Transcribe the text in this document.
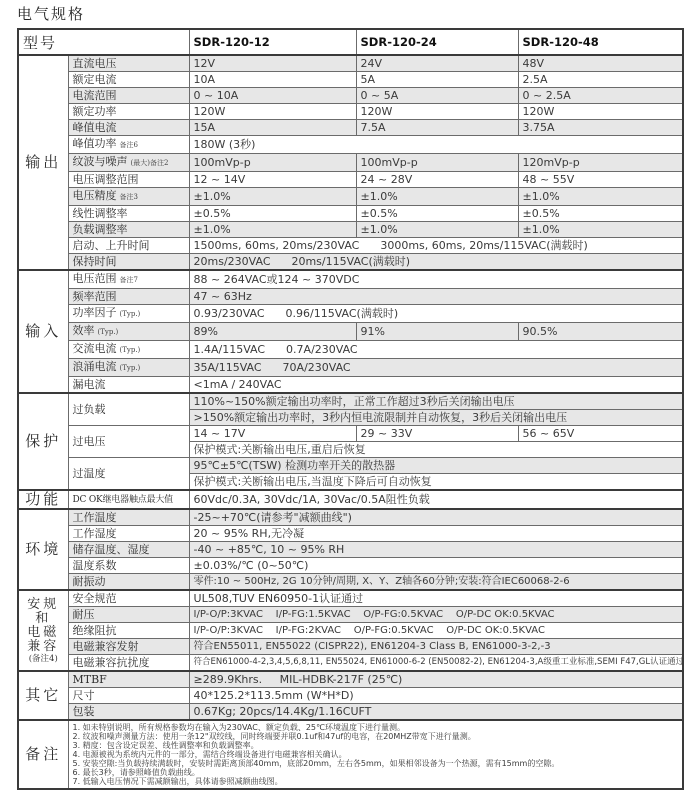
电气规格
型号		SDR-120-12	SDR-120-24	SDR-120-48

输出	直流电压	12V	24V	48V
	额定电流	10A	5A	2.5A
	电流范围	0 ~ 10A	0 ~ 5A	0 ~ 2.5A
	额定功率	120W	120W	120W
	峰值电流	15A	7.5A	3.75A
	峰值功率 备注6	180W (3秒)		
	纹波与噪声 (最大)备注2	100mVp-p	100mVp-p	120mVp-p
	电压调整范围	12 ~ 14V	24 ~ 28V	48 ~ 55V
	电压精度 备注3	±1.0%	±1.0%	±1.0%
	线性调整率	±0.5%	±0.5%	±0.5%
	负载调整率	±1.0%	±1.0%	±1.0%
	启动、上升时间	1500ms, 60ms, 20ms/230VAC      3000ms, 60ms, 20ms/115VAC(满载时)		
	保持时间	20ms/230VAC      20ms/115VAC(满载时)		

输入	电压范围 备注7	88 ~ 264VAC或124 ~ 370VDC		
	频率范围	47 ~ 63Hz		
	功率因子 (Typ.)	0.93/230VAC      0.96/115VAC(满载时)		
	效率 (Typ.)	89%	91%	90.5%
	交流电流 (Typ.)	1.4A/115VAC      0.7A/230VAC		
	浪涌电流 (Typ.)	35A/115VAC      70A/230VAC		
	漏电流	<1mA / 240VAC		

保护	过负载	110%~150%额定输出功率时，正常工作超过3秒后关闭输出电压		
		>150%额定输出功率时，3秒内恒电流限制并自动恢复，3秒后关闭输出电压		
	过电压	14 ~ 17V	29 ~ 33V	56 ~ 65V
		保护模式:关断输出电压,重启后恢复		
	过温度	95℃±5℃(TSW) 检测功率开关的散热器		
		保护模式:关断输出电压,当温度下降后可自动恢复		

功能	DC OK继电器触点最大值	60Vdc/0.3A, 30Vdc/1A, 30Vac/0.5A阻性负载		

环境	工作温度	-25~+70℃(请参考"减额曲线")		
	工作湿度	20 ~ 95% RH,无冷凝		
	储存温度、湿度	-40 ~ +85℃, 10 ~ 95% RH		
	温度系数	±0.03%/℃ (0~50℃)		
	耐振动	零件:10 ~ 500Hz, 2G 10分钟/周期, X、Y、Z轴各60分钟;安装:符合IEC60068-2-6		

安规和
电磁
兼容
(备注4)	安全规范	UL508,TUV EN60950-1认证通过		
	耐压	I/P-O/P:3KVAC    I/P-FG:1.5KVAC    O/P-FG:0.5KVAC    O/P-DC OK:0.5KVAC		
	绝缘阻抗	I/P-O/P:3KVAC    I/P-FG:2KVAC    O/P-FG:0.5KVAC    O/P-DC OK:0.5KVAC		
	电磁兼容发射	符合EN55011, EN55022 (CISPR22), EN61204-3 Class B, EN61000-3-2,-3		
	电磁兼容抗扰度	符合EN61000-4-2,3,4,5,6,8,11, EN55024, EN61000-6-2 (EN50082-2), EN61204-3,A级重工业标准,SEMI F47,GL认证通过		

其它	MTBF	≥289.9Khrs.     MIL-HDBK-217F (25℃)		
	尺寸	40*125.2*113.5mm (W*H*D)		
	包装	0.67Kg; 20pcs/14.4Kg/1.16CUFT		

备注

1. 如未特别说明，所有规格参数均在输入为230VAC、额定负载、25℃环境温度下进行量测。
2. 纹波和噪声测量方法：使用一条12"双绞线，同时终端要并联0.1uf和47uf的电容，在20MHZ带宽下进行量测。
3. 精度：包含设定误差、线性调整率和负载调整率。
4. 电源被视为系统内元件的一部分，需结合终端设备进行电磁兼容相关确认。
5. 安装空隙:当负载持续满载时，安装时需距离顶部40mm，底部20mm，左右各5mm，如果相邻设备为一个热源，需有15mm的空隙。
6. 最长3秒，请参照峰值负载曲线。
7. 低输入电压情况下需减额输出，具体请参照减额曲线图。
